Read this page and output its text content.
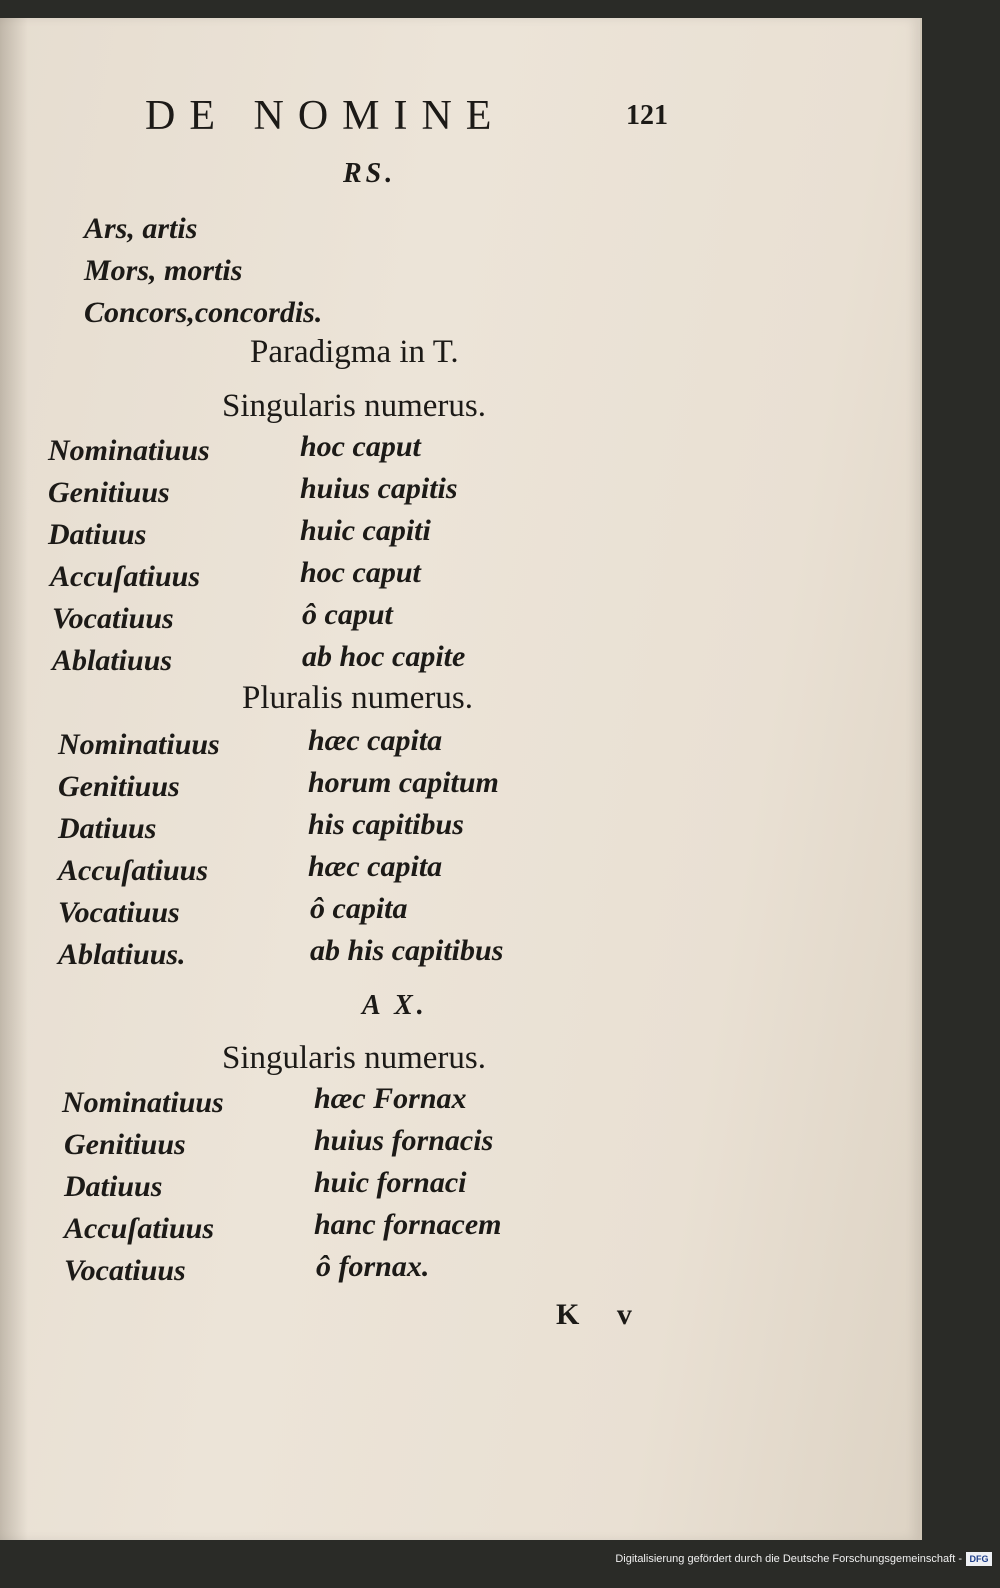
DE NOMINE	121
RS.
Ars, artis
Mors, mortis
Concors,concordis.
Paradigma in T.
Singularis numerus.
Nominatiuus	hoc caput
Genitiuus	huius capitis
Datiuus	huic capiti
Accuſatiuus	hoc caput
Vocatiuus	ô caput
Ablatiuus	ab hoc capite
Pluralis numerus.
Nominatiuus	hæc capita
Genitiuus	horum capitum
Datiuus	his capitibus
Accuſatiuus	hæc capita
Vocatiuus	ô capita
Ablatiuus.	ab his capitibus
A X.
Singularis numerus.
Nominatiuus	hæc Fornax
Genitiuus	huius fornacis
Datiuus	huic fornaci
Accuſatiuus	hanc fornacem
Vocatiuus	ô fornax.
K v
Digitalisierung gefördert durch die Deutsche Forschungsgemeinschaft - DFG
